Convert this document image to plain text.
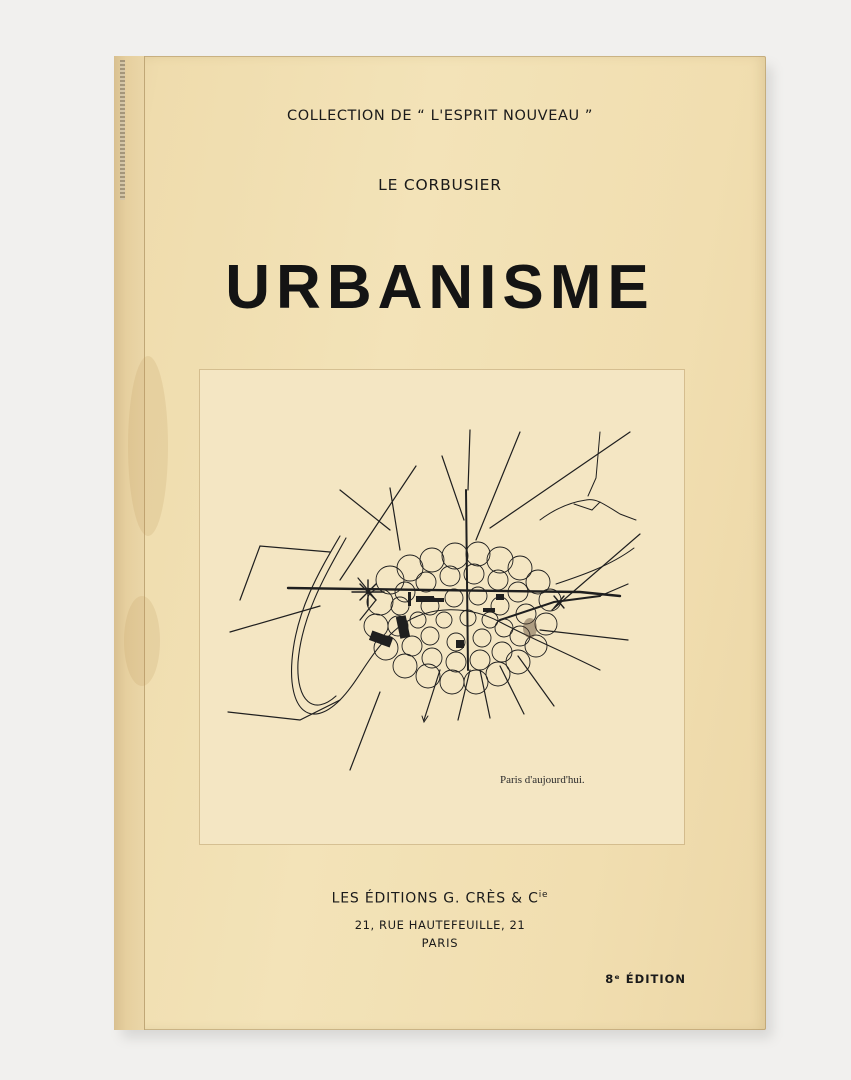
COLLECTION DE “ L'ESPRIT NOUVEAU ”
LE CORBUSIER
URBANISME
Paris d'aujourd'hui.
LES ÉDITIONS G. CRÈS & $C^{ie}$
21, RUE HAUTEFEUILLE, 21
PARIS
8ᵉ ÉDITION
